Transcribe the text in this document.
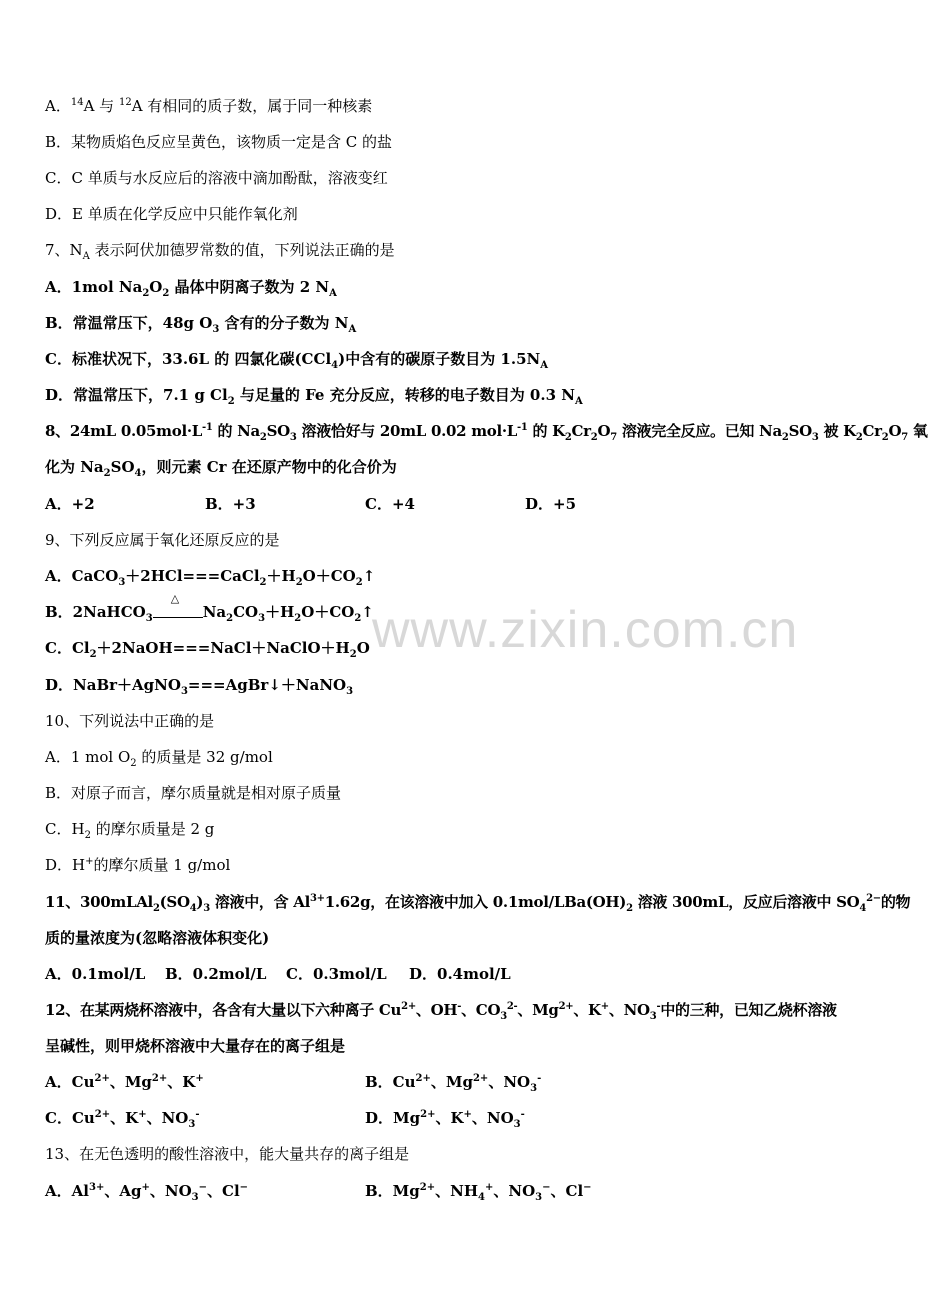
www.zixin.com.cn
A．$^{14}$A 与 $^{12}$A 有相同的质子数，属于同一种核素
B．某物质焰色反应呈黄色，该物质一定是含 C 的盐
C．C 单质与水反应后的溶液中滴加酚酞，溶液变红
D．E 单质在化学反应中只能作氧化剂
7、$N_A$ 表示阿伏加德罗常数的值，下列说法正确的是
A．1mol $Na_2O_2$ 晶体中阴离子数为 2 $N_A$
B．常温常压下，48g $O_3$ 含有的分子数为 $N_A$
C．标准状况下，33.6L 的 四氯化碳(CCl$_4$)中含有的碳原子数目为 $1.5N_A$
D．常温常压下，7.1 g $Cl_2$ 与足量的 Fe 充分反应，转移的电子数目为 0.3 $N_A$
8、24mL $0.05mol\cdot L^{-1}$ 的 $Na_2SO_3$ 溶液恰好与 20mL 0.02 $mol\cdot L^{-1}$ 的 $K_2Cr_2O_7$ 溶液完全反应。已知 $Na_2SO_3$ 被 $K_2Cr_2O_7$ 氧
化为 $Na_2SO_4$，则元素 Cr 在还原产物中的化合价为
A．+2	B．+3	C．+4	D．+5
9、下列反应属于氧化还原反应的是
A．$CaCO_3+2HCl===CaCl_2+H_2O+CO_2↑$
B．2NaHCO$_3$
△
$Na_2CO_3+H_2O+CO_2↑$
C．$Cl_2+2NaOH===NaCl+NaClO+H_2O$
D．NaBr＋AgNO$_3$===AgBr↓＋NaNO$_3$
10、下列说法中正确的是
A．1 mol $O_2$ 的质量是 32 g/mol
B．对原子而言，摩尔质量就是相对原子质量
C．$H_2$ 的摩尔质量是 2 g
D．H+的摩尔质量 1 g/mol
11、$300mLAl_2(SO_4)_3$ 溶液中，含 $Al^{3+}1.62g$，在该溶液中加入 $0.1mol/LBa(OH)_2$ 溶液 300mL，反应后溶液中 $SO_4^{2-}$的物
质的量浓度为(忽略溶液体积变化)
A．0.1mol/L B．0.2mol/L C．0.3mol/L D．0.4mol/L
12、在某两烧杯溶液中，各含有大量以下六种离子 $Cu^{2+}$、OH-、$CO_3^{2-}$、$Mg^{2+}$、K+、$NO_3^-$中的三种，已知乙烧杯溶液
呈碱性，则甲烧杯溶液中大量存在的离子组是
A．$Cu^{2+}$、$Mg^{2+}$、K+	B．$Cu^{2+}$、$Mg^{2+}$、$NO_3^-$
C．$Cu^{2+}$、K+、$NO_3^-$	D．$Mg^{2+}$、K+、$NO_3^-$
13、在无色透明的酸性溶液中，能大量共存的离子组是
A．$Al^{3+}$、Ag+、$NO_3^-$、Cl−	B．$Mg^{2+}$、$NH_4^+$、$NO_3^-$、Cl−
